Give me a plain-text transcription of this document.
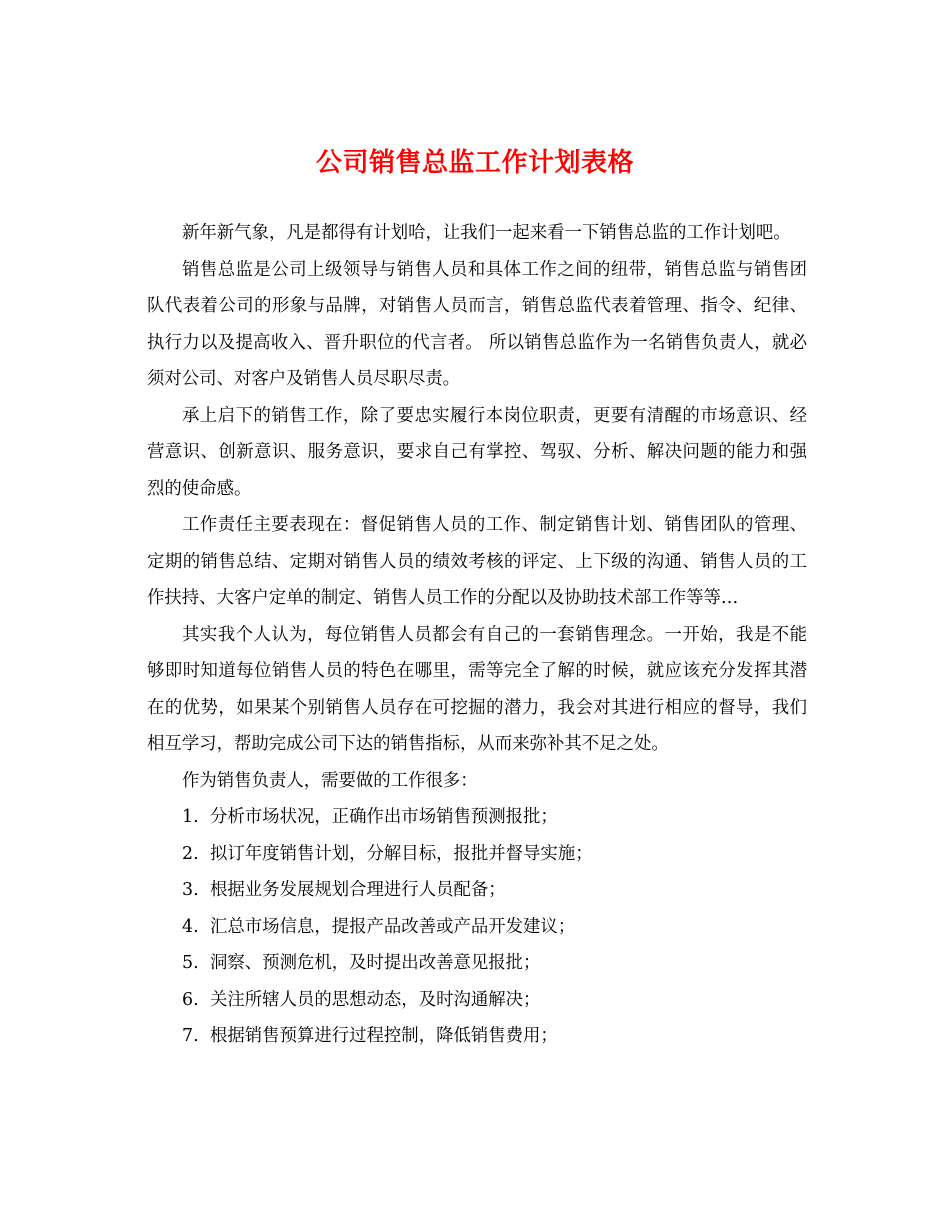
公司销售总监工作计划表格

新年新气象，凡是都得有计划哈，让我们一起来看一下销售总监的工作计划吧。

销售总监是公司上级领导与销售人员和具体工作之间的纽带，销售总监与销售团队代表着公司的形象与品牌，对销售人员而言，销售总监代表着管理、指令、纪律、执行力以及提高收入、晋升职位的代言者。 所以销售总监作为一名销售负责人，就必须对公司、对客户及销售人员尽职尽责。

承上启下的销售工作，除了要忠实履行本岗位职责，更要有清醒的市场意识、经营意识、创新意识、服务意识，要求自己有掌控、驾驭、分析、解决问题的能力和强烈的使命感。

工作责任主要表现在：督促销售人员的工作、制定销售计划、销售团队的管理、定期的销售总结、定期对销售人员的绩效考核的评定、上下级的沟通、销售人员的工作扶持、大客户定单的制定、销售人员工作的分配以及协助技术部工作等等…

其实我个人认为，每位销售人员都会有自己的一套销售理念。一开始，我是不能够即时知道每位销售人员的特色在哪里，需等完全了解的时候，就应该充分发挥其潜在的优势，如果某个别销售人员存在可挖掘的潜力，我会对其进行相应的督导，我们相互学习，帮助完成公司下达的销售指标，从而来弥补其不足之处。

作为销售负责人，需要做的工作很多：

1. 分析市场状况，正确作出市场销售预测报批；
2. 拟订年度销售计划，分解目标，报批并督导实施；
3. 根据业务发展规划合理进行人员配备；
4. 汇总市场信息，提报产品改善或产品开发建议；
5. 洞察、预测危机，及时提出改善意见报批；
6. 关注所辖人员的思想动态，及时沟通解决；
7. 根据销售预算进行过程控制，降低销售费用；
